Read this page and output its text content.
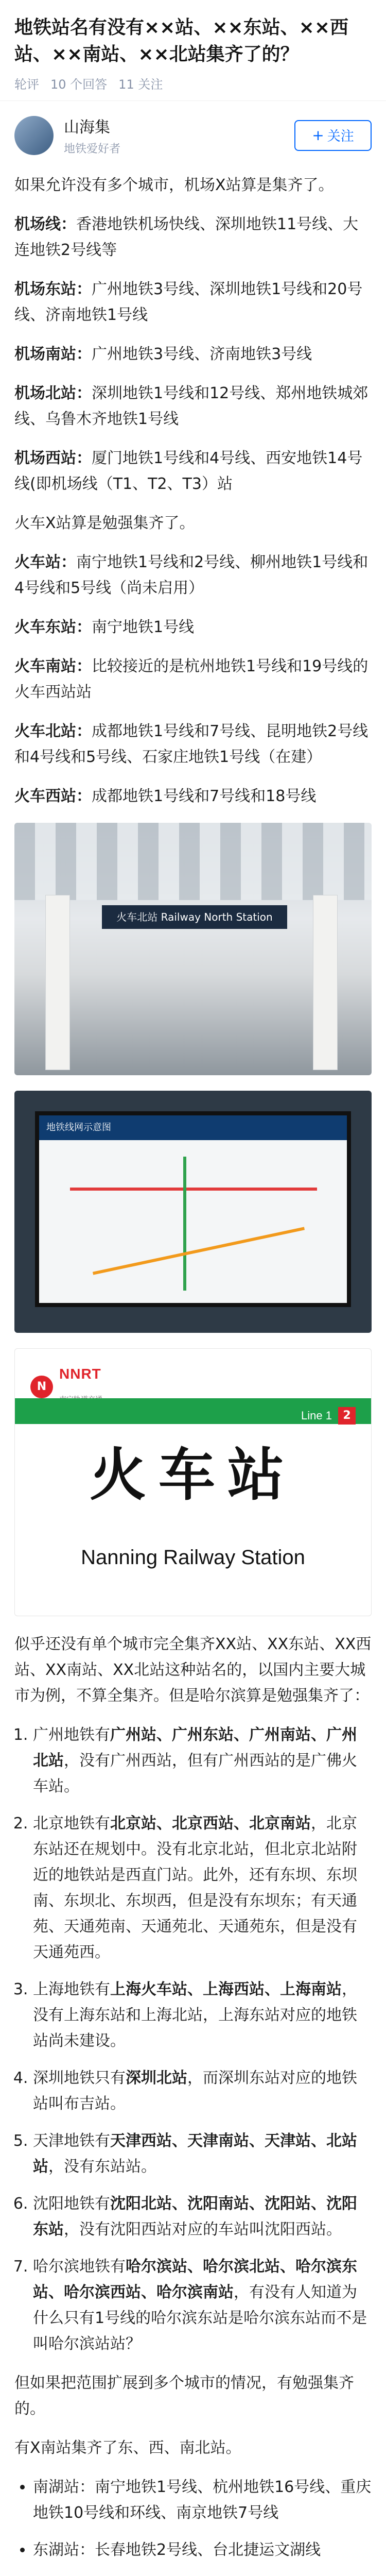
地铁站名有没有××站、××东站、××西站、××南站、××北站集齐了的？
轮评 10 个回答 11 关注
山海集
地铁爱好者
+ 关注

如果允许没有多个城市，机场X站算是集齐了。

机场线：香港地铁机场快线、深圳地铁11号线、大连地铁2号线等

机场东站：广州地铁3号线、深圳地铁1号线和20号线、济南地铁1号线

机场南站：广州地铁3号线、济南地铁3号线

机场北站：深圳地铁1号线和12号线、郑州地铁城郊线、乌鲁木齐地铁1号线

机场西站：厦门地铁1号线和4号线、西安地铁14号线(即机场线（T1、T2、T3）站

火车X站算是勉强集齐了。

火车站：南宁地铁1号线和2号线、柳州地铁1号线和4号线和5号线（尚未启用）

火车东站：南宁地铁1号线

火车南站：比较接近的是杭州地铁1号线和19号线的火车西站站

火车北站：成都地铁1号线和7号线、昆明地铁2号线和4号线和5号线、石家庄地铁1号线（在建）

火车西站：成都地铁1号线和7号线和18号线

火车北站 Railway North Station
地铁线网示意图
N
NNRT
Line 1 2
火车站
Nanning Railway Station

似乎还没有单个城市完全集齐XX站、XX东站、XX西站、XX南站、XX北站这种站名的，以国内主要大城市为例，不算全集齐。但是哈尔滨算是勉强集齐了：

1. 广州地铁有广州站、广州东站、广州南站、广州北站，没有广州西站，但有广州西站的是广佛火车站。
2. 北京地铁有北京站、北京西站、北京南站，北京东站还在规划中。没有北京北站，但北京北站附近的地铁站是西直门站。此外，还有东坝、东坝南、东坝北、东坝西，但是没有东坝东；有天通苑、天通苑南、天通苑北、天通苑东，但是没有天通苑西。
3. 上海地铁有上海火车站、上海西站、上海南站，没有上海东站和上海北站，上海东站对应的地铁站尚未建设。
4. 深圳地铁只有深圳北站，而深圳东站对应的地铁站叫布吉站。
5. 天津地铁有天津西站、天津南站、天津站、北站站，没有东站站。
6. 沈阳地铁有沈阳北站、沈阳南站、沈阳站、沈阳东站，没有沈阳西站对应的车站叫沈阳西站。
7. 哈尔滨地铁有哈尔滨站、哈尔滨北站、哈尔滨东站、哈尔滨西站、哈尔滨南站，有没有人知道为什么只有1号线的哈尔滨东站是哈尔滨东站而不是叫哈尔滨站站？

但如果把范围扩展到多个城市的情况，有勉强集齐的。

有X南站集齐了东、西、南北站。

• 南湖站：南宁地铁1号线、杭州地铁16号线、重庆地铁10号线和环线、南京地铁7号线
• 东湖站：长春地铁2号线、台北捷运文湖线
•
